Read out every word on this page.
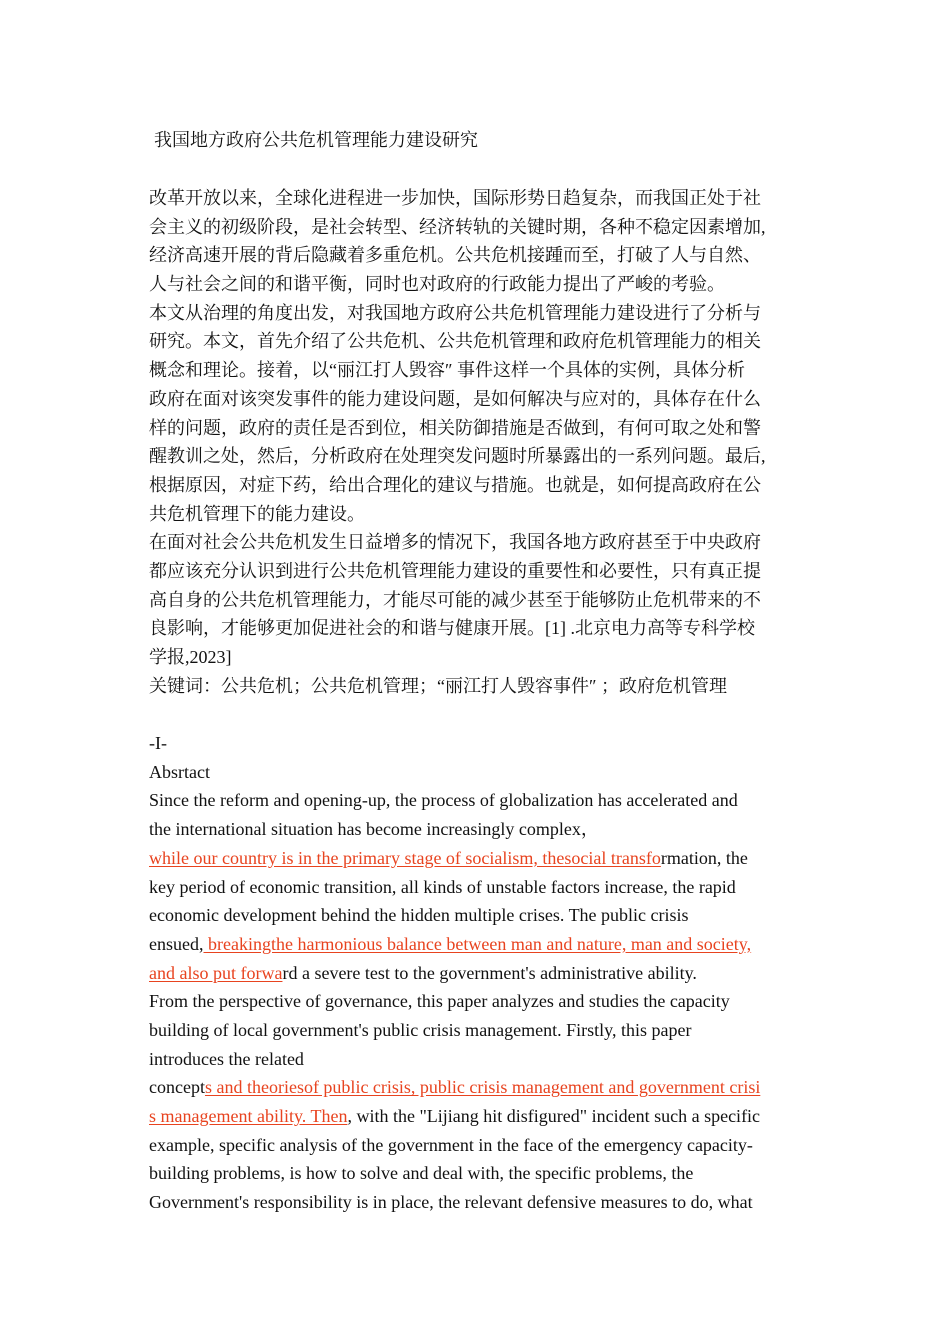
我国地方政府公共危机管理能力建设研究
改革开放以来，全球化进程进一步加快，国际形势日趋复杂，而我国正处于社
会主义的初级阶段，是社会转型、经济转轨的关键时期，各种不稳定因素增加,
经济高速开展的背后隐藏着多重危机。公共危机接踵而至，打破了人与自然、
人与社会之间的和谐平衡，同时也对政府的行政能力提出了严峻的考验。
本文从治理的角度出发，对我国地方政府公共危机管理能力建设进行了分析与
研究。本文，首先介绍了公共危机、公共危机管理和政府危机管理能力的相关
概念和理论。接着，以“丽江打人毁容″ 事件这样一个具体的实例，具体分析
政府在面对该突发事件的能力建设问题，是如何解决与应对的，具体存在什么
样的问题，政府的责任是否到位，相关防御措施是否做到，有何可取之处和警
醒教训之处，然后，分析政府在处理突发问题时所暴露出的一系列问题。最后,
根据原因，对症下药，给出合理化的建议与措施。也就是，如何提高政府在公
共危机管理下的能力建设。
在面对社会公共危机发生日益增多的情况下，我国各地方政府甚至于中央政府
都应该充分认识到进行公共危机管理能力建设的重要性和必要性，只有真正提
高自身的公共危机管理能力，才能尽可能的减少甚至于能够防止危机带来的不
良影响，才能够更加促进社会的和谐与健康开展。[1] .北京电力高等专科学校
学报,2023]
关键词：公共危机；公共危机管理；“丽江打人毁容事件″ ；政府危机管理
-I-
Absrtact
Since the reform and opening-up, the process of globalization has accelerated and
the international situation has become increasingly complex，
while our country is in the primary stage of socialism, thesocial transformation, the
key period of economic transition, all kinds of unstable factors increase, the rapid
economic development behind the hidden multiple crises. The public crisis
ensued, breakingthe harmonious balance between man and nature, man and society,
and also put forward a severe test to the government's administrative ability.
From the perspective of governance, this paper analyzes and studies the capacity
building of local government's public crisis management. Firstly, this paper
introduces the related
concepts and theoriesof public crisis, public crisis management and government crisi
s management ability. Then, with the "Lijiang hit disfigured" incident such a specific
example, specific analysis of the government in the face of the emergency capacity-
building problems, is how to solve and deal with, the specific problems, the
Government's responsibility is in place, the relevant defensive measures to do, what
